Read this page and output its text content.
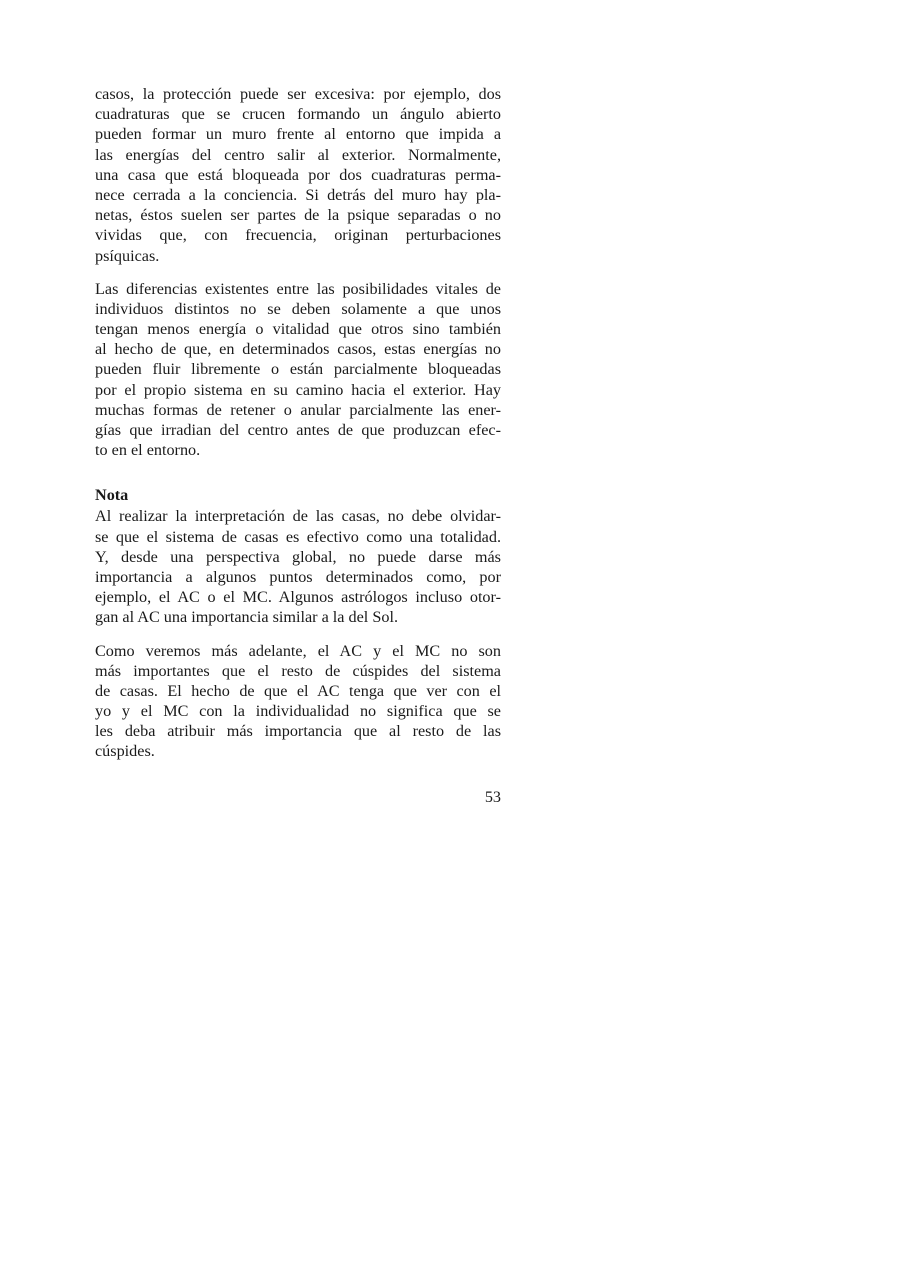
casos, la protección puede ser excesiva: por ejemplo, dos
cuadraturas que se crucen formando un ángulo abierto
pueden formar un muro frente al entorno que impida a
las energías del centro salir al exterior. Normalmente,
una casa que está bloqueada por dos cuadraturas perma-
nece cerrada a la conciencia. Si detrás del muro hay pla-
netas, éstos suelen ser partes de la psique separadas o no
vividas que, con frecuencia, originan perturbaciones
psíquicas.
Las diferencias existentes entre las posibilidades vitales de
individuos distintos no se deben solamente a que unos
tengan menos energía o vitalidad que otros sino también
al hecho de que, en determinados casos, estas energías no
pueden fluir libremente o están parcialmente bloqueadas
por el propio sistema en su camino hacia el exterior. Hay
muchas formas de retener o anular parcialmente las ener-
gías que irradian del centro antes de que produzcan efec-
to en el entorno.
Nota
Al realizar la interpretación de las casas, no debe olvidar-
se que el sistema de casas es efectivo como una totalidad.
Y, desde una perspectiva global, no puede darse más
importancia a algunos puntos determinados como, por
ejemplo, el AC o el MC. Algunos astrólogos incluso otor-
gan al AC una importancia similar a la del Sol.
Como veremos más adelante, el AC y el MC no son
más importantes que el resto de cúspides del sistema
de casas. El hecho de que el AC tenga que ver con el
yo y el MC con la individualidad no significa que se
les deba atribuir más importancia que al resto de las
cúspides.
53
